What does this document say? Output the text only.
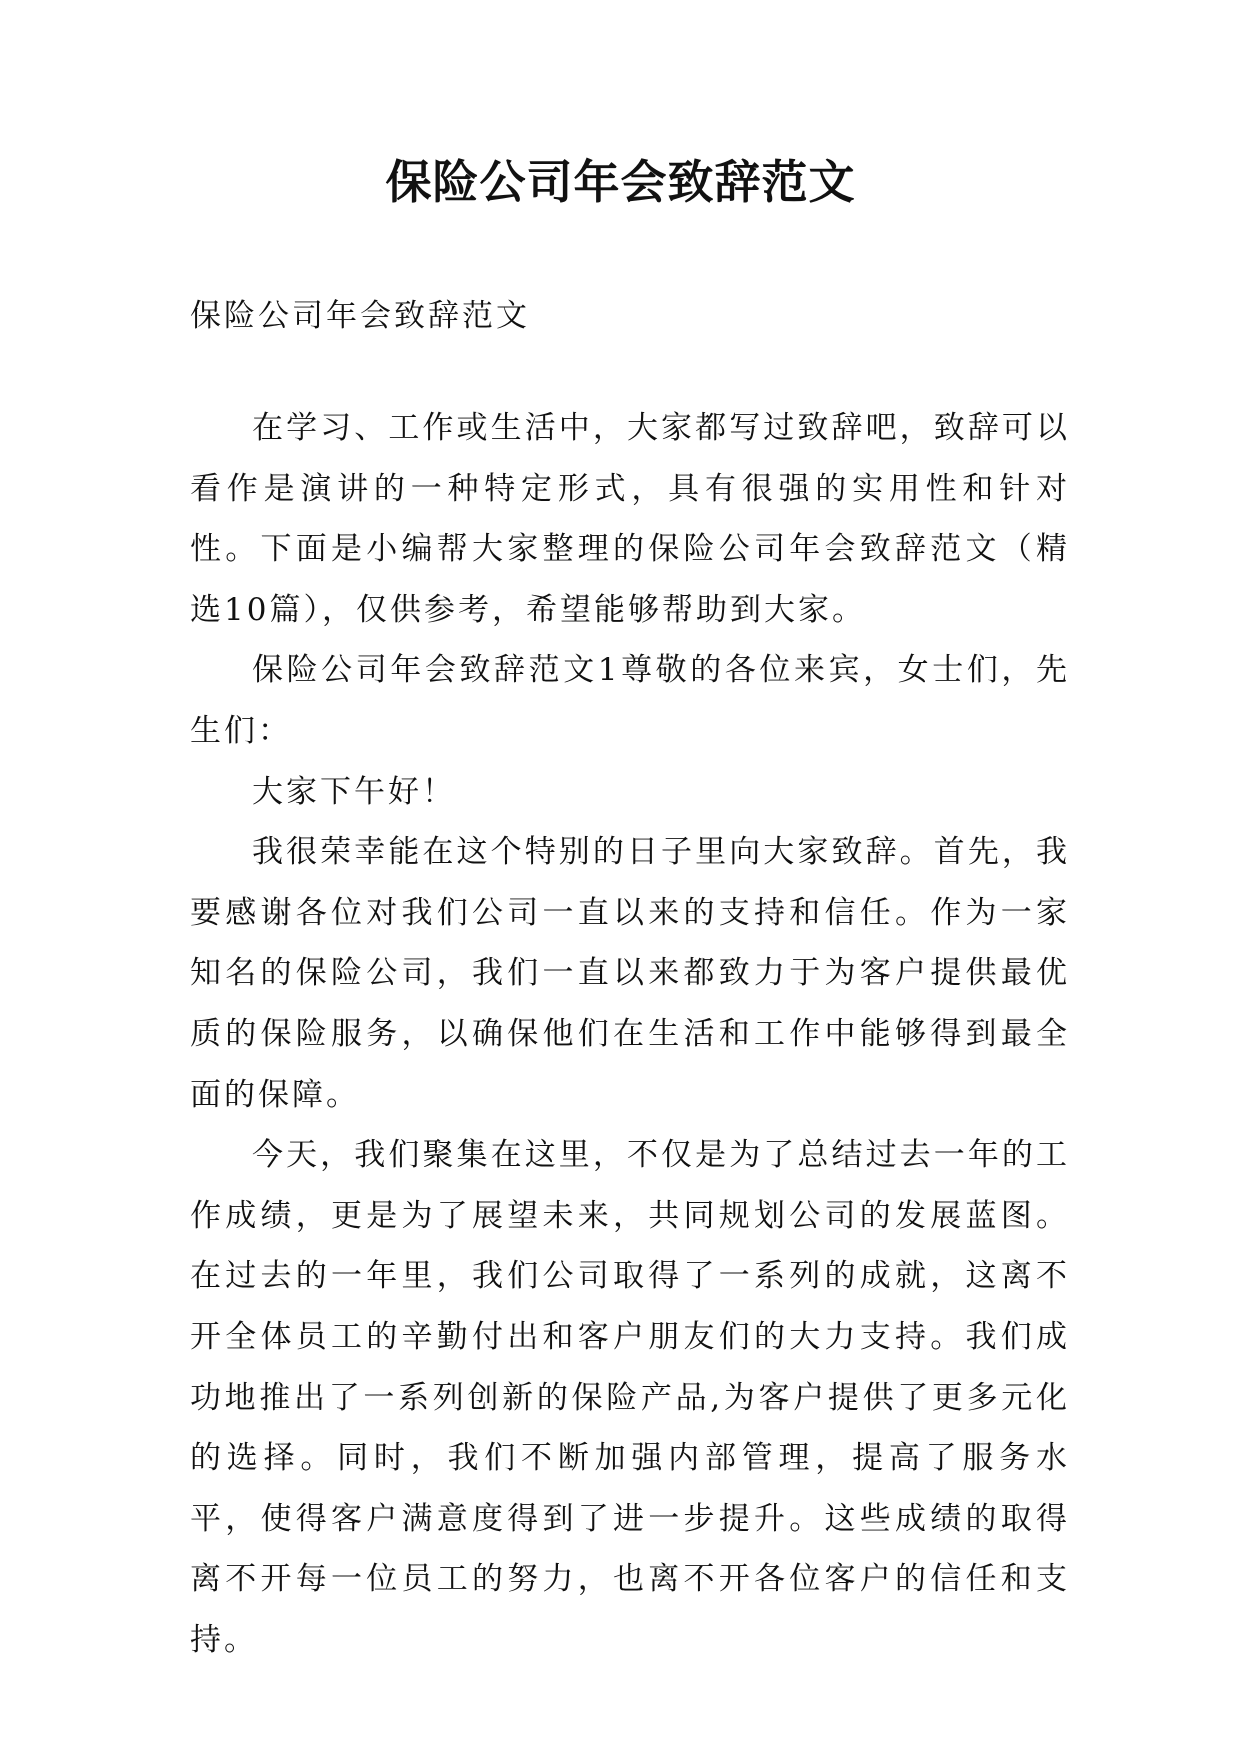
保险公司年会致辞范文

保险公司年会致辞范文

在学习、工作或生活中，大家都写过致辞吧，致辞可以看作是演讲的一种特定形式，具有很强的实用性和针对性。下面是小编帮大家整理的保险公司年会致辞范文（精选10篇），仅供参考，希望能够帮助到大家。

保险公司年会致辞范文1尊敬的各位来宾，女士们，先生们：

大家下午好！

我很荣幸能在这个特别的日子里向大家致辞。首先，我要感谢各位对我们公司一直以来的支持和信任。作为一家知名的保险公司，我们一直以来都致力于为客户提供最优质的保险服务，以确保他们在生活和工作中能够得到最全面的保障。

今天，我们聚集在这里，不仅是为了总结过去一年的工作成绩，更是为了展望未来，共同规划公司的发展蓝图。在过去的一年里，我们公司取得了一系列的成就，这离不开全体员工的辛勤付出和客户朋友们的大力支持。我们成功地推出了一系列创新的保险产品,为客户提供了更多元化的选择。同时，我们不断加强内部管理，提高了服务水平，使得客户满意度得到了进一步提升。这些成绩的取得离不开每一位员工的努力，也离不开各位客户的信任和支持。
